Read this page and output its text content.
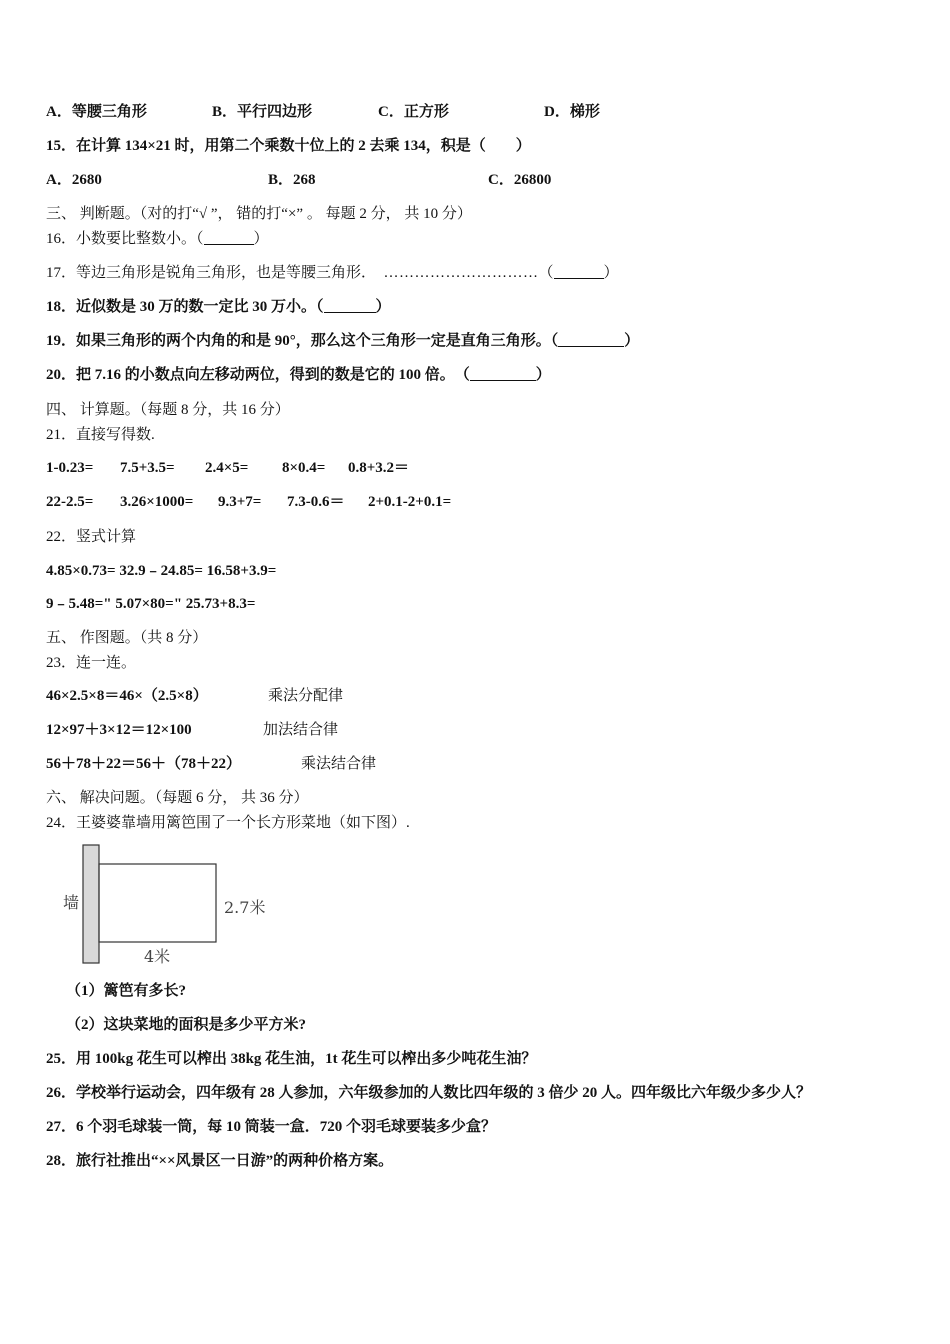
A．等腰三角形	B．平行四边形	C．正方形	D．梯形
15．在计算 134×21 时，用第二个乘数十位上的 2 去乘 134，积是（　　）
A．2680	B．268	C．26800
三、 判断题。（对的打“√ ”， 错的打“×” 。 每题 2 分， 共 10 分）
16．小数要比整数小。（	）
17．等边三角形是锐角三角形，也是等腰三角形．　 …………………………（	）
18．近似数是 30 万的数一定比 30 万小。（	）
19．如果三角形的两个内角的和是 90°，那么这个三角形一定是直角三角形。（	）
20．把 7.16 的小数点向左移动两位，得到的数是它的 100 倍。　（	）
四、 计算题。（每题 8 分，共 16 分）
21．直接写得数.
1-0.23= 7.5+3.5= 2.4×5= 8×0.4= 0.8+3.2＝
22-2.5= 3.26×1000= 9.3+7= 7.3-0.6＝ 2+0.1-2+0.1=
22．竖式计算
4.85×0.73= 32.9﹣24.85= 16.58+3.9=
9﹣5.48=" 5.07×80=" 25.73+8.3=
五、 作图题。（共 8 分）
23．连一连。
46×2.5×8＝46×（2.5×8）	乘法分配律
12×97＋3×12＝12×100	加法结合律
56＋78＋22＝56＋（78＋22）	乘法结合律
六、 解决问题。（每题 6 分， 共 36 分）
24．王婆婆靠墙用篱笆围了一个长方形菜地（如下图）.
墙	2.7米
4米
（1）篱笆有多长?
（2）这块菜地的面积是多少平方米?
25．用 100kg 花生可以榨出 38kg 花生油，1t 花生可以榨出多少吨花生油？
26．学校举行运动会，四年级有 28 人参加，六年级参加的人数比四年级的 3 倍少 20 人。四年级比六年级少多少人？
27．6 个羽毛球装一筒，每 10 筒装一盒．720 个羽毛球要装多少盒？
28．旅行社推出“××风景区一日游”的两种价格方案。
